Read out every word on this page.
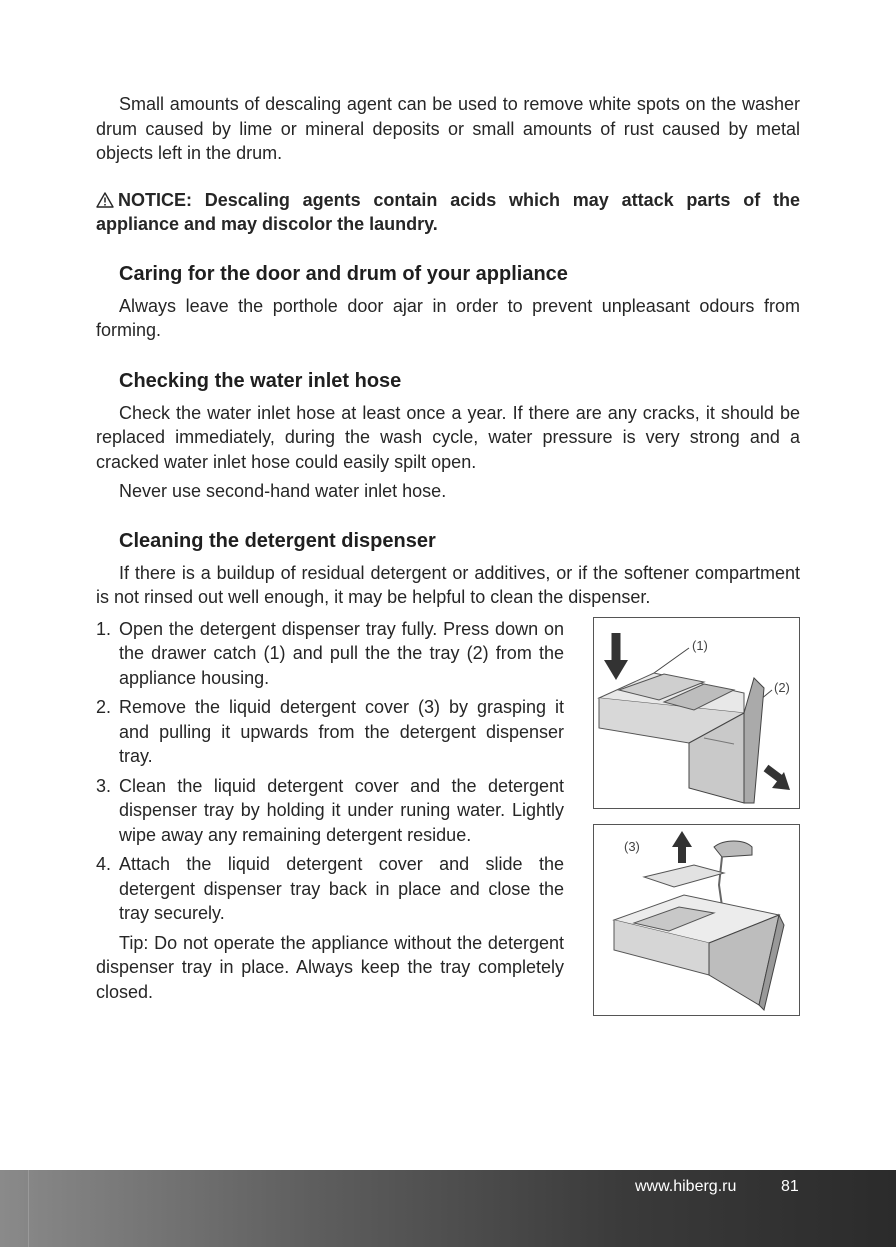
Small amounts of descaling agent can be used to remove white spots on the washer drum caused by lime or mineral deposits or small amounts of rust caused by metal objects left in the drum.

NOTICE: Descaling agents contain acids which may attack parts of the appliance and may discolor the laundry.

Caring for the door and drum of your appliance

Always leave the porthole door ajar in order to prevent unpleasant odours from forming.

Checking the water inlet hose

Check the water inlet hose at least once a year. If there are any cracks, it should be replaced immediately, during the wash cycle, water pressure is very strong and a cracked water inlet hose could easily spilt open.

Never use second-hand water inlet hose.

Cleaning the detergent dispenser

If there is a buildup of residual detergent or additives, or if the softener compartment is not rinsed out well enough, it may be helpful to clean the dispenser.

1. Open the detergent dispenser tray fully. Press down on the drawer catch (1) and pull the the tray (2) from the appliance housing.

2. Remove the liquid detergent cover (3) by grasping it and pulling it upwards from the detergent dispenser tray.

3. Clean the liquid detergent cover and the detergent dispenser tray by holding it under runing water. Lightly wipe away any remaining detergent residue.

4. Attach the liquid detergent cover and slide the detergent dispenser tray back in place and close the tray securely.

Tip: Do not operate the appliance without the detergent dispenser tray in place. Always keep the tray completely closed.

(1)
(2)
(3)
www.hiberg.ru	81
